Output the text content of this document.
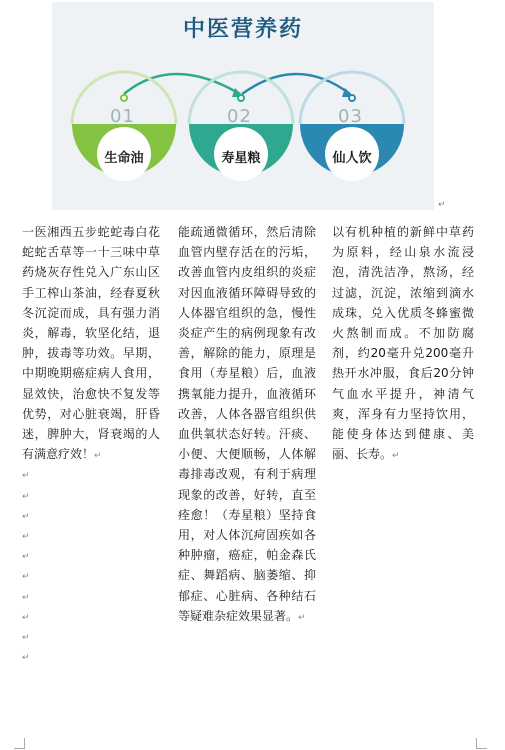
中医营养药
01	02	03
生命油	寿星粮	仙人饮
↵

一医湘西五步蛇蛇毒白花蛇蛇舌草等一十三味中草药烧灰存性兑入广东山区手工榨山茶油，经春夏秋冬沉淀而成，具有强力消炎，解毒，软坚化结，退肿，拔毒等功效。早期，中期晚期癌症病人食用，显效快，治愈快不复发等优势，对心脏衰竭，肝昏迷，脾肿大，肾衰竭的人有满意疗效！↵

↵
↵
↵
↵
↵
↵
↵
↵
↵
↵

能疏通微循环，然后清除血管内壁存活在的污垢，改善血管内皮组织的炎症对因血液循环障碍导致的人体器官组织的急，慢性炎症产生的病例现象有改善，解除的能力，原理是食用（寿星粮）后，血液携氧能力提升，血液循环改善，人体各器官组织供血供氧状态好转。汗痰、小便、大便顺畅，人体解毒排毒改观，有利于病理现象的改善，好转，直至痊愈！（寿星粮）坚持食用，对人体沉疴固疾如各种肿瘤，癌症，帕金森氏症、舞蹈病、脑萎缩、抑郁症、心脏病、各种结石等疑难杂症效果显著。↵

以有机种植的新鲜中草药为原料，经山泉水流浸泡，清洗洁净，熬汤，经过滤，沉淀，浓缩到滴水成珠，兑入优质冬蜂蜜微火熬制而成。不加防腐剂，约20毫升兑200毫升热开水冲服，食后20分钟气血水平提升，神清气爽，浑身有力坚持饮用，能使身体达到健康、美丽、长寿。↵
